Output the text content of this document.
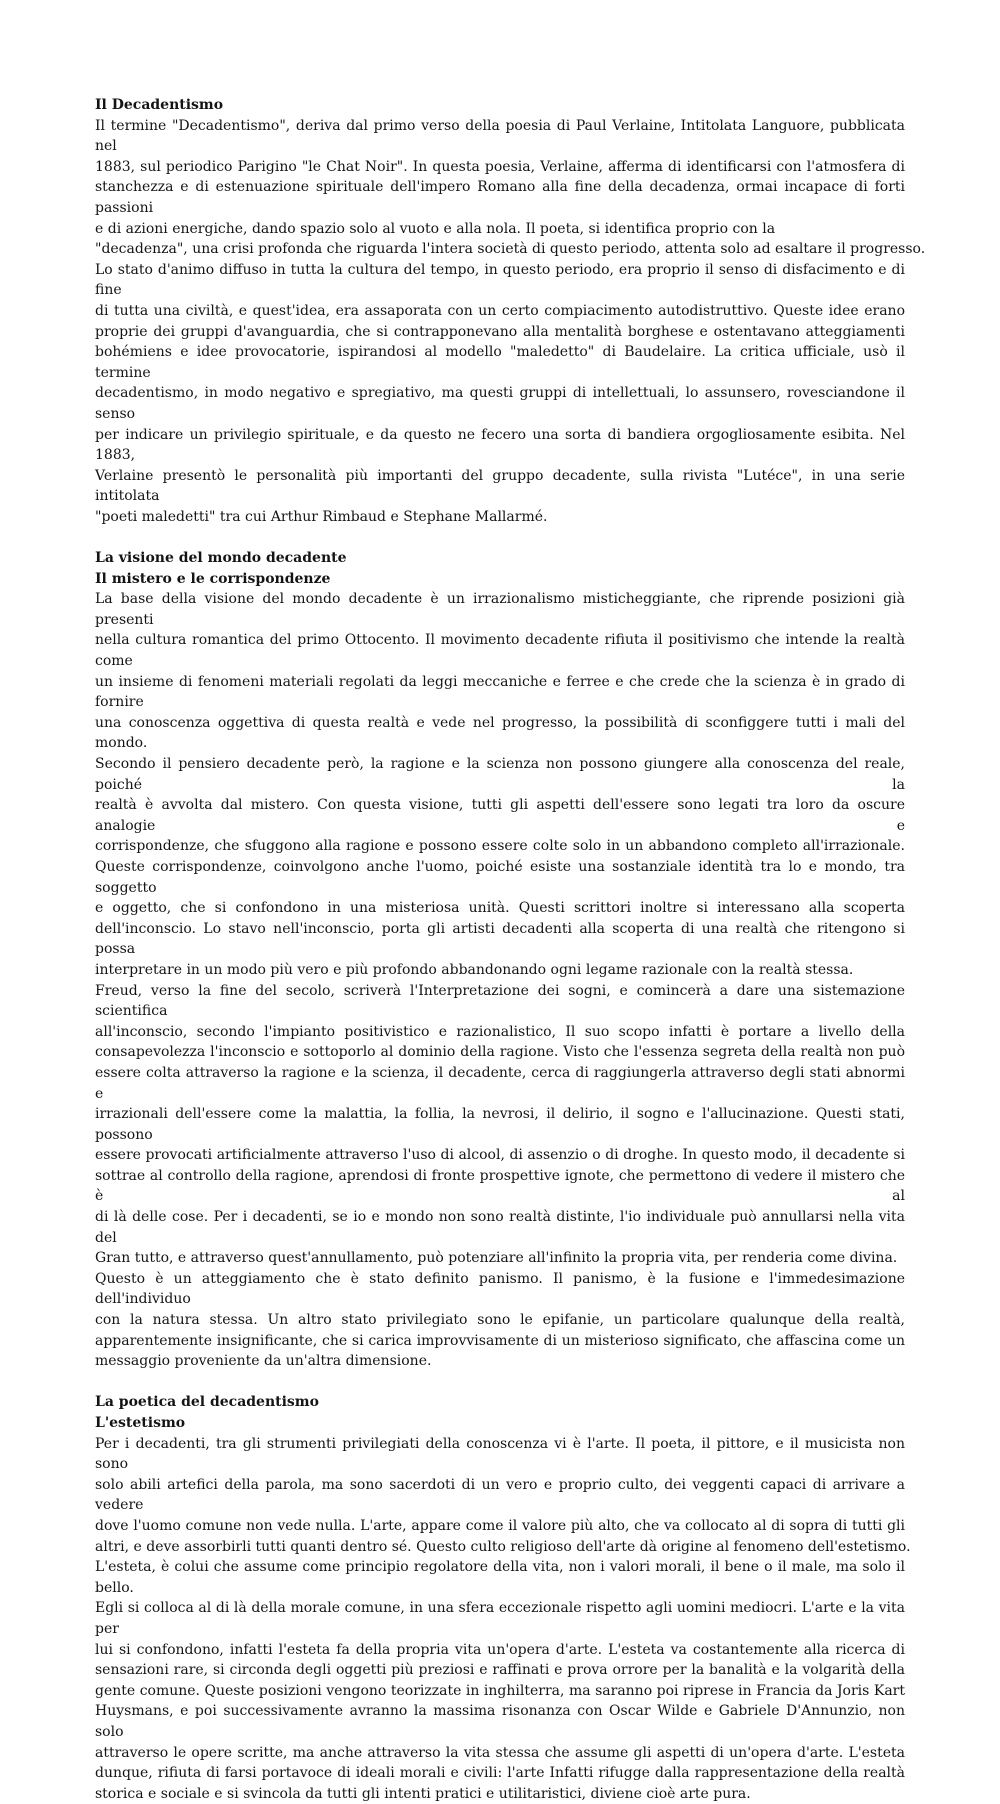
Il Decadentismo
Il termine "Decadentismo", deriva dal primo verso della poesia di Paul Verlaine, Intitolata Languore, pubblicata nel
1883, sul periodico Parigino "le Chat Noir". In questa poesia, Verlaine, afferma di identificarsi con l'atmosfera di
stanchezza e di estenuazione spirituale dell'impero Romano alla fine della decadenza, ormai incapace di forti passioni
e di azioni energiche, dando spazio solo al vuoto e alla nola. Il poeta, si identifica proprio con la
"decadenza", una crisi profonda che riguarda l'intera società di questo periodo, attenta solo ad esaltare il progresso.
Lo stato d'animo diffuso in tutta la cultura del tempo, in questo periodo, era proprio il senso di disfacimento e di fine
di tutta una civiltà, e quest'idea, era assaporata con un certo compiacimento autodistruttivo. Queste idee erano
proprie dei gruppi d'avanguardia, che si contrapponevano alla mentalità borghese e ostentavano atteggiamenti
bohémiens e idee provocatorie, ispirandosi al modello "maledetto" di Baudelaire. La critica ufficiale, usò il termine
decadentismo, in modo negativo e spregiativo, ma questi gruppi di intellettuali, lo assunsero, rovesciandone il senso
per indicare un privilegio spirituale, e da questo ne fecero una sorta di bandiera orgogliosamente esibita. Nel 1883,
Verlaine presentò le personalità più importanti del gruppo decadente, sulla rivista "Lutéce", in una serie intitolata
"poeti maledetti" tra cui Arthur Rimbaud e Stephane Mallarmé.
La visione del mondo decadente
Il mistero e le corrispondenze
La base della visione del mondo decadente è un irrazionalismo misticheggiante, che riprende posizioni già presenti
nella cultura romantica del primo Ottocento. Il movimento decadente rifiuta il positivismo che intende la realtà come
un insieme di fenomeni materiali regolati da leggi meccaniche e ferree e che crede che la scienza è in grado di fornire
una conoscenza oggettiva di questa realtà e vede nel progresso, la possibilità di sconfiggere tutti i mali del mondo.
Secondo il pensiero decadente però, la ragione e la scienza non possono giungere alla conoscenza del reale, poiché la
realtà è avvolta dal mistero. Con questa visione, tutti gli aspetti dell'essere sono legati tra loro da oscure analogie e
corrispondenze, che sfuggono alla ragione e possono essere colte solo in un abbandono completo all'irrazionale.
Queste corrispondenze, coinvolgono anche l'uomo, poiché esiste una sostanziale identità tra lo e mondo, tra soggetto
e oggetto, che si confondono in una misteriosa unità. Questi scrittori inoltre si interessano alla scoperta
dell'inconscio. Lo stavo nell'inconscio, porta gli artisti decadenti alla scoperta di una realtà che ritengono si possa
interpretare in un modo più vero e più profondo abbandonando ogni legame razionale con la realtà stessa.
Freud, verso la fine del secolo, scriverà l'Interpretazione dei sogni, e comincerà a dare una sistemazione scientifica
all'inconscio, secondo l'impianto positivistico e razionalistico, Il suo scopo infatti è portare a livello della
consapevolezza l'inconscio e sottoporlo al dominio della ragione. Visto che l'essenza segreta della realtà non può
essere colta attraverso la ragione e la scienza, il decadente, cerca di raggiungerla attraverso degli stati abnormi e
irrazionali dell'essere come la malattia, la follia, la nevrosi, il delirio, il sogno e l'allucinazione. Questi stati, possono
essere provocati artificialmente attraverso l'uso di alcool, di assenzio o di droghe. In questo modo, il decadente si
sottrae al controllo della ragione, aprendosi di fronte prospettive ignote, che permettono di vedere il mistero che è al
di là delle cose. Per i decadenti, se io e mondo non sono realtà distinte, l'io individuale può annullarsi nella vita del
Gran tutto, e attraverso quest'annullamento, può potenziare all'infinito la propria vita, per renderia come divina.
Questo è un atteggiamento che è stato definito panismo. Il panismo, è la fusione e l'immedesimazione dell'individuo
con la natura stessa. Un altro stato privilegiato sono le epifanie, un particolare qualunque della realtà,
apparentemente insignificante, che si carica improvvisamente di un misterioso significato, che affascina come un
messaggio proveniente da un'altra dimensione.
La poetica del decadentismo
L'estetismo
Per i decadenti, tra gli strumenti privilegiati della conoscenza vi è l'arte. Il poeta, il pittore, e il musicista non sono
solo abili artefici della parola, ma sono sacerdoti di un vero e proprio culto, dei veggenti capaci di arrivare a vedere
dove l'uomo comune non vede nulla. L'arte, appare come il valore più alto, che va collocato al di sopra di tutti gli
altri, e deve assorbirli tutti quanti dentro sé. Questo culto religioso dell'arte dà origine al fenomeno dell'estetismo.
L'esteta, è colui che assume come principio regolatore della vita, non i valori morali, il bene o il male, ma solo il bello.
Egli si colloca al di là della morale comune, in una sfera eccezionale rispetto agli uomini mediocri. L'arte e la vita per
lui si confondono, infatti l'esteta fa della propria vita un'opera d'arte. L'esteta va costantemente alla ricerca di
sensazioni rare, si circonda degli oggetti più preziosi e raffinati e prova orrore per la banalità e la volgarità della
gente comune. Queste posizioni vengono teorizzate in inghilterra, ma saranno poi riprese in Francia da Joris Kart
Huysmans, e poi successivamente avranno la massima risonanza con Oscar Wilde e Gabriele D'Annunzio, non solo
attraverso le opere scritte, ma anche attraverso la vita stessa che assume gli aspetti di un'opera d'arte. L'esteta
dunque, rifiuta di farsi portavoce di ideali morali e civili: l'arte Infatti rifugge dalla rappresentazione della realtà
storica e sociale e si svincola da tutti gli intenti pratici e utilitaristici, diviene cioè arte pura.
